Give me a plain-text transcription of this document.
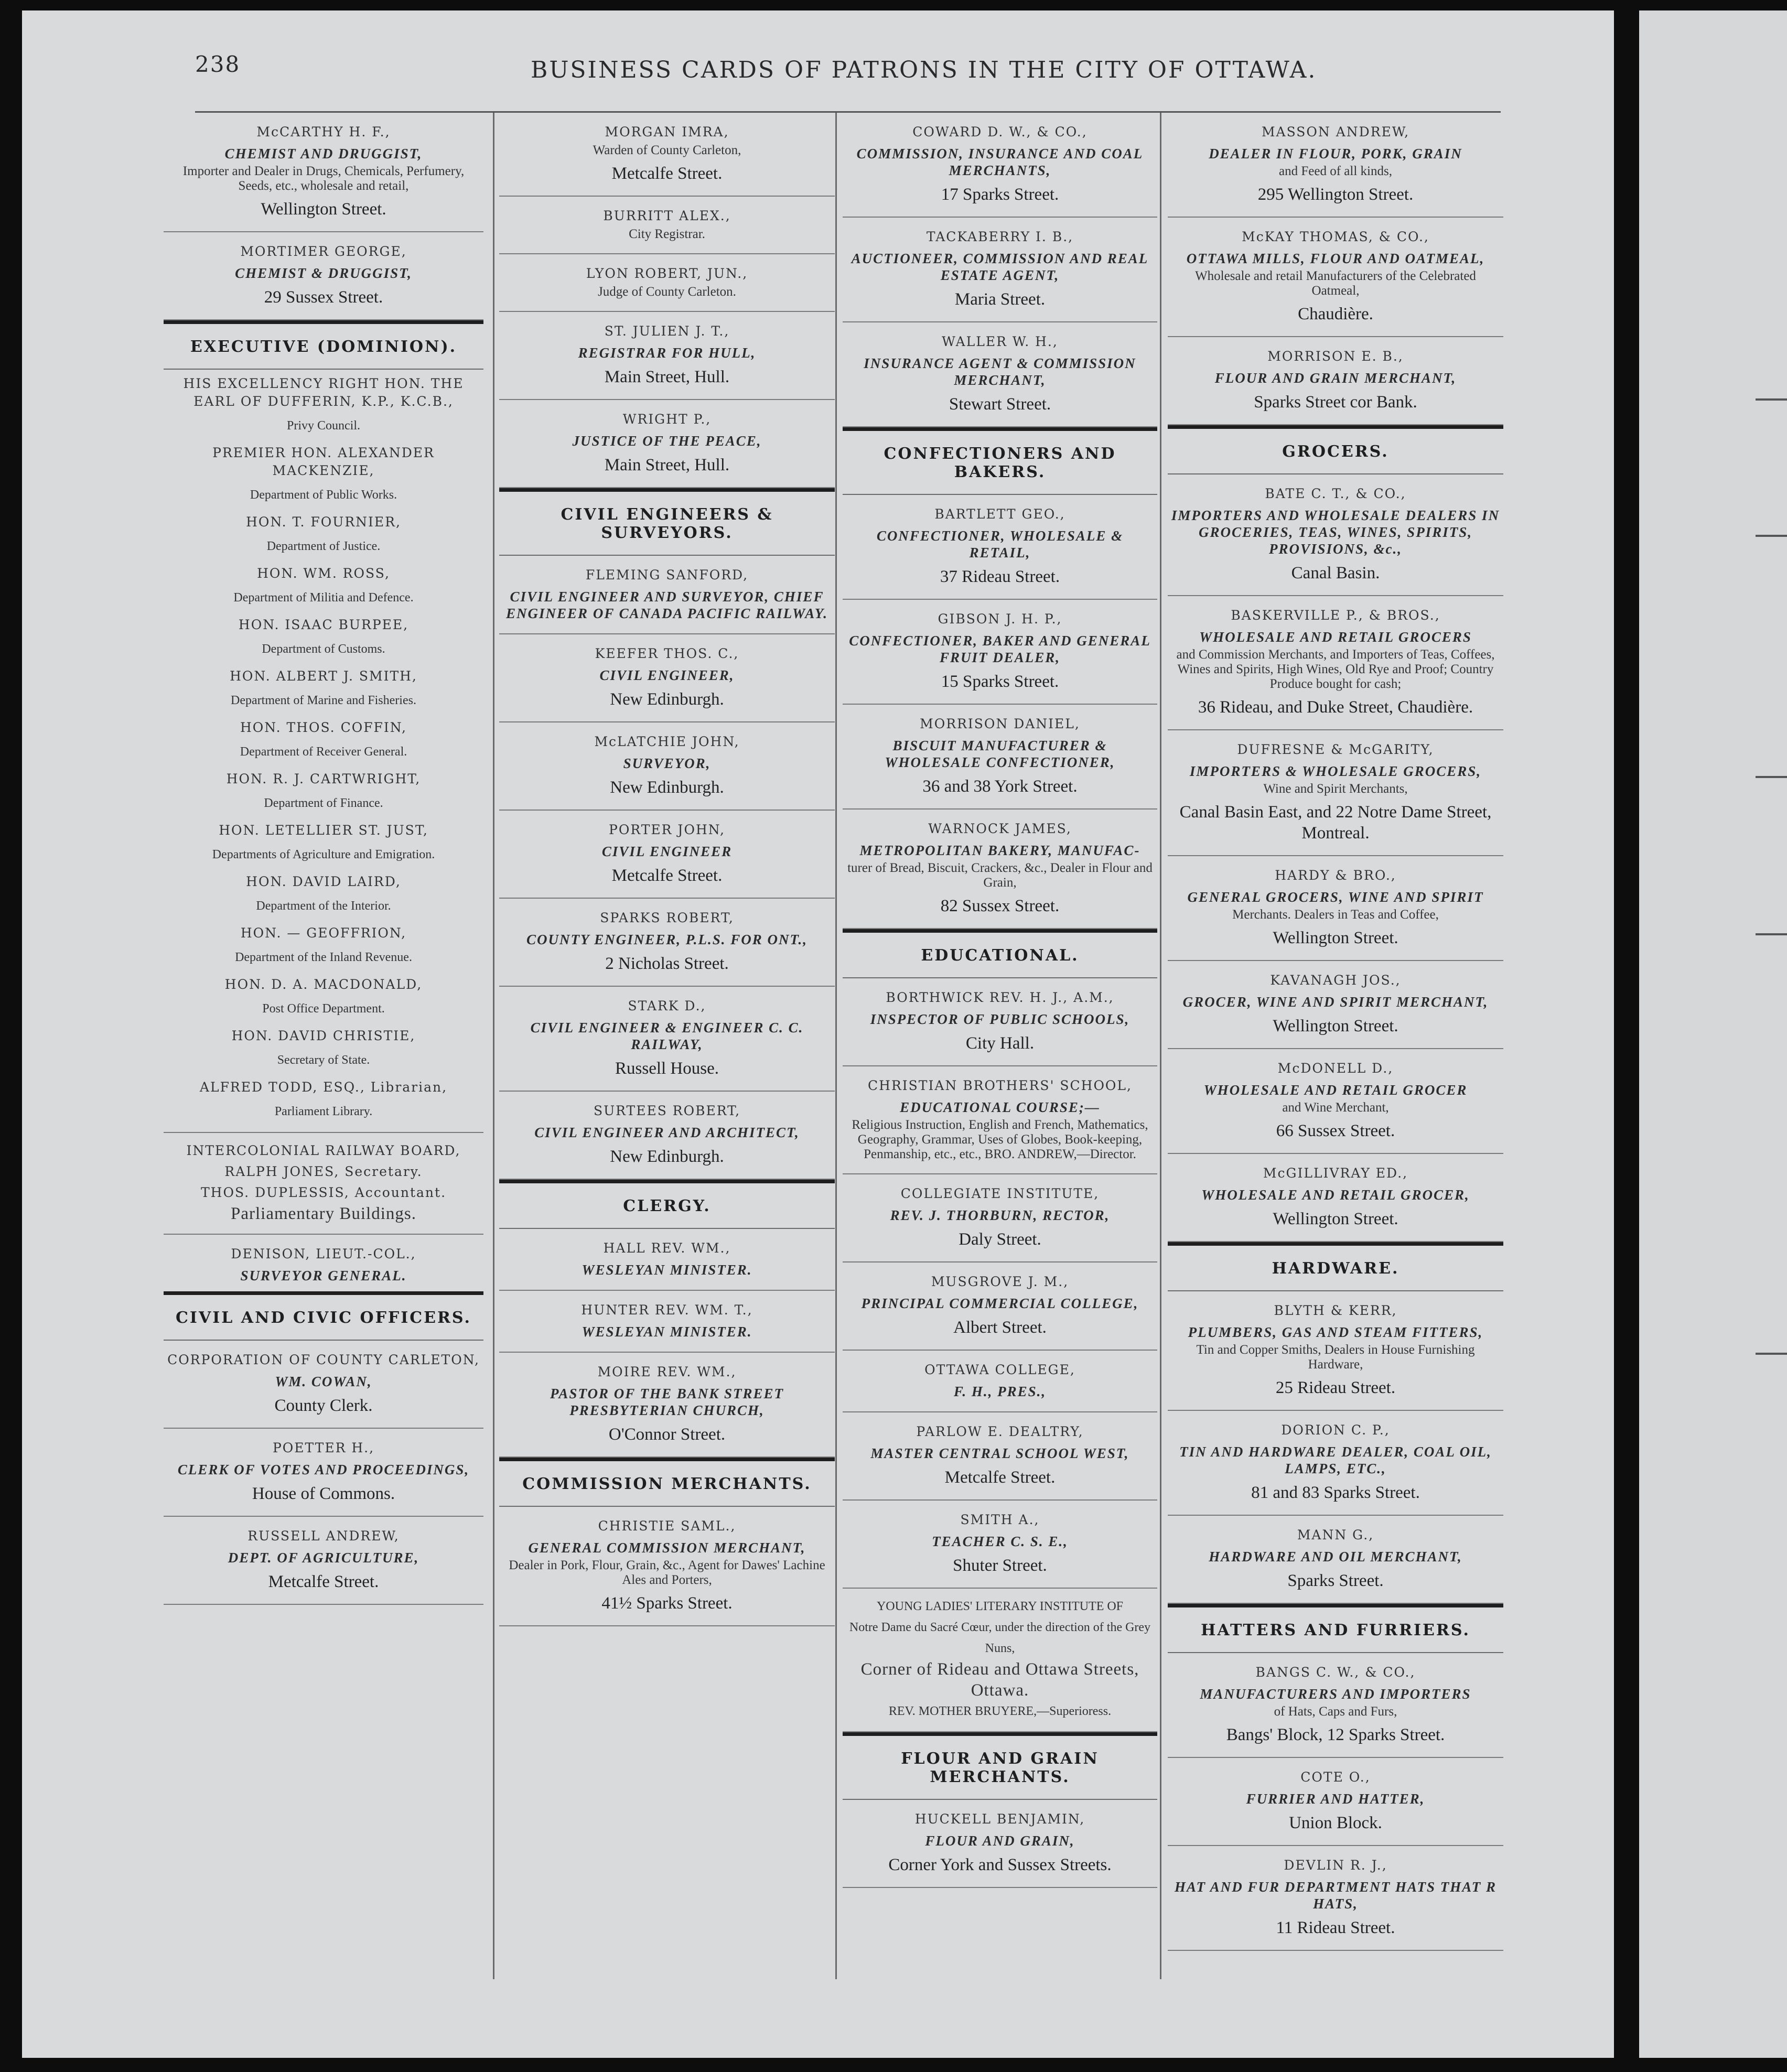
238	BUSINESS CARDS OF PATRONS IN THE CITY OF OTTAWA.
McCARTHY H. F.,
CHEMIST AND DRUGGIST,
Importer and Dealer in Drugs, Chemicals, Perfumery, Seeds, etc., wholesale and retail,
Wellington Street.
MORTIMER GEORGE,
CHEMIST & DRUGGIST,
29 Sussex Street.
EXECUTIVE (DOMINION).
HIS EXCELLENCY RIGHT HON. THE EARL OF DUFFERIN, K.P., K.C.B.,
Privy Council.
PREMIER HON. ALEXANDER MACKENZIE,
Department of Public Works.
HON. T. FOURNIER,
Department of Justice.
HON. WM. ROSS,
Department of Militia and Defence.
HON. ISAAC BURPEE,
Department of Customs.
HON. ALBERT J. SMITH,
Department of Marine and Fisheries.
HON. THOS. COFFIN,
Department of Receiver General.
HON. R. J. CARTWRIGHT,
Department of Finance.
HON. LETELLIER ST. JUST,
Departments of Agriculture and Emigration.
HON. DAVID LAIRD,
Department of the Interior.
HON. — GEOFFRION,
Department of the Inland Revenue.
HON. D. A. MACDONALD,
Post Office Department.
HON. DAVID CHRISTIE,
Secretary of State.
ALFRED TODD, ESQ., Librarian,
Parliament Library.
INTERCOLONIAL RAILWAY BOARD,
RALPH JONES, Secretary.
THOS. DUPLESSIS, Accountant.
Parliamentary Buildings.
DENISON, LIEUT.-COL.,
SURVEYOR GENERAL.
CIVIL AND CIVIC OFFICERS.
CORPORATION OF COUNTY CARLETON,
WM. COWAN,
County Clerk.
POETTER H.,
CLERK OF VOTES AND PROCEEDINGS,
House of Commons.
RUSSELL ANDREW,
DEPT. OF AGRICULTURE,
Metcalfe Street.
MORGAN IMRA,
Warden of County Carleton,
Metcalfe Street.
BURRITT ALEX.,
City Registrar.
LYON ROBERT, JUN.,
Judge of County Carleton.
ST. JULIEN J. T.,
REGISTRAR FOR HULL,
Main Street, Hull.
WRIGHT P.,
JUSTICE OF THE PEACE,
Main Street, Hull.
CIVIL ENGINEERS & SURVEYORS.
FLEMING SANFORD,
CIVIL ENGINEER AND SURVEYOR, CHIEF ENGINEER OF CANADA PACIFIC RAILWAY.
KEEFER THOS. C.,
CIVIL ENGINEER,
New Edinburgh.
McLATCHIE JOHN,
SURVEYOR,
New Edinburgh.
PORTER JOHN,
CIVIL ENGINEER
Metcalfe Street.
SPARKS ROBERT,
COUNTY ENGINEER, P.L.S. FOR ONT.,
2 Nicholas Street.
STARK D.,
CIVIL ENGINEER & ENGINEER C. C. RAILWAY,
Russell House.
SURTEES ROBERT,
CIVIL ENGINEER AND ARCHITECT,
New Edinburgh.
CLERGY.
HALL REV. WM.,
WESLEYAN MINISTER.
HUNTER REV. WM. T.,
WESLEYAN MINISTER.
MOIRE REV. WM.,
PASTOR OF THE BANK STREET PRESBYTERIAN CHURCH,
O'Connor Street.
COMMISSION MERCHANTS.
CHRISTIE SAML.,
GENERAL COMMISSION MERCHANT,
Dealer in Pork, Flour, Grain, &c., Agent for Dawes' Lachine Ales and Porters,
41½ Sparks Street.
COWARD D. W., & CO.,
COMMISSION, INSURANCE AND COAL MERCHANTS,
17 Sparks Street.
TACKABERRY I. B.,
AUCTIONEER, COMMISSION AND REAL ESTATE AGENT,
Maria Street.
WALLER W. H.,
INSURANCE AGENT & COMMISSION MERCHANT,
Stewart Street.
CONFECTIONERS AND BAKERS.
BARTLETT GEO.,
CONFECTIONER, WHOLESALE & RETAIL,
37 Rideau Street.
GIBSON J. H. P.,
CONFECTIONER, BAKER AND GENERAL FRUIT DEALER,
15 Sparks Street.
MORRISON DANIEL,
BISCUIT MANUFACTURER & WHOLESALE CONFECTIONER,
36 and 38 York Street.
WARNOCK JAMES,
METROPOLITAN BAKERY, MANUFAC-
turer of Bread, Biscuit, Crackers, &c., Dealer in Flour and Grain,
82 Sussex Street.
EDUCATIONAL.
BORTHWICK REV. H. J., A.M.,
INSPECTOR OF PUBLIC SCHOOLS,
City Hall.
CHRISTIAN BROTHERS' SCHOOL,
EDUCATIONAL COURSE;—
Religious Instruction, English and French, Mathematics, Geography, Grammar, Uses of Globes, Book-keeping, Penmanship, etc., etc., BRO. ANDREW,—Director.
COLLEGIATE INSTITUTE,
REV. J. THORBURN, RECTOR,
Daly Street.
MUSGROVE J. M.,
PRINCIPAL COMMERCIAL COLLEGE,
Albert Street.
OTTAWA COLLEGE,
F. H., PRES.,
PARLOW E. DEALTRY,
MASTER CENTRAL SCHOOL WEST,
Metcalfe Street.
SMITH A.,
TEACHER C. S. E.,
Shuter Street.
YOUNG LADIES' LITERARY INSTITUTE OF
Notre Dame du Sacré Cœur, under the direction of the Grey Nuns,
Corner of Rideau and Ottawa Streets,
Ottawa.
REV. MOTHER BRUYERE,—Superioress.
FLOUR AND GRAIN MERCHANTS.
HUCKELL BENJAMIN,
FLOUR AND GRAIN,
Corner York and Sussex Streets.
MASSON ANDREW,
DEALER IN FLOUR, PORK, GRAIN
and Feed of all kinds,
295 Wellington Street.
McKAY THOMAS, & CO.,
OTTAWA MILLS, FLOUR AND OATMEAL,
Wholesale and retail Manufacturers of the Celebrated Oatmeal,
Chaudière.
MORRISON E. B.,
FLOUR AND GRAIN MERCHANT,
Sparks Street cor Bank.
GROCERS.
BATE C. T., & CO.,
IMPORTERS AND WHOLESALE DEALERS IN GROCERIES, TEAS, WINES, SPIRITS, PROVISIONS, &c.,
Canal Basin.
BASKERVILLE P., & BROS.,
WHOLESALE AND RETAIL GROCERS
and Commission Merchants, and Importers of Teas, Coffees, Wines and Spirits, High Wines, Old Rye and Proof; Country Produce bought for cash;
36 Rideau, and Duke Street, Chaudière.
DUFRESNE & McGARITY,
IMPORTERS & WHOLESALE GROCERS,
Wine and Spirit Merchants,
Canal Basin East, and 22 Notre Dame Street, Montreal.
HARDY & BRO.,
GENERAL GROCERS, WINE AND SPIRIT
Merchants. Dealers in Teas and Coffee,
Wellington Street.
KAVANAGH JOS.,
GROCER, WINE AND SPIRIT MERCHANT,
Wellington Street.
McDONELL D.,
WHOLESALE AND RETAIL GROCER
and Wine Merchant,
66 Sussex Street.
McGILLIVRAY ED.,
WHOLESALE AND RETAIL GROCER,
Wellington Street.
HARDWARE.
BLYTH & KERR,
PLUMBERS, GAS AND STEAM FITTERS,
Tin and Copper Smiths, Dealers in House Furnishing Hardware,
25 Rideau Street.
DORION C. P.,
TIN AND HARDWARE DEALER, COAL OIL, LAMPS, ETC.,
81 and 83 Sparks Street.
MANN G.,
HARDWARE AND OIL MERCHANT,
Sparks Street.
HATTERS AND FURRIERS.
BANGS C. W., & CO.,
MANUFACTURERS AND IMPORTERS
of Hats, Caps and Furs,
Bangs' Block, 12 Sparks Street.
COTE O.,
FURRIER AND HATTER,
Union Block.
DEVLIN R. J.,
HAT AND FUR DEPARTMENT HATS THAT R HATS,
11 Rideau Street.
